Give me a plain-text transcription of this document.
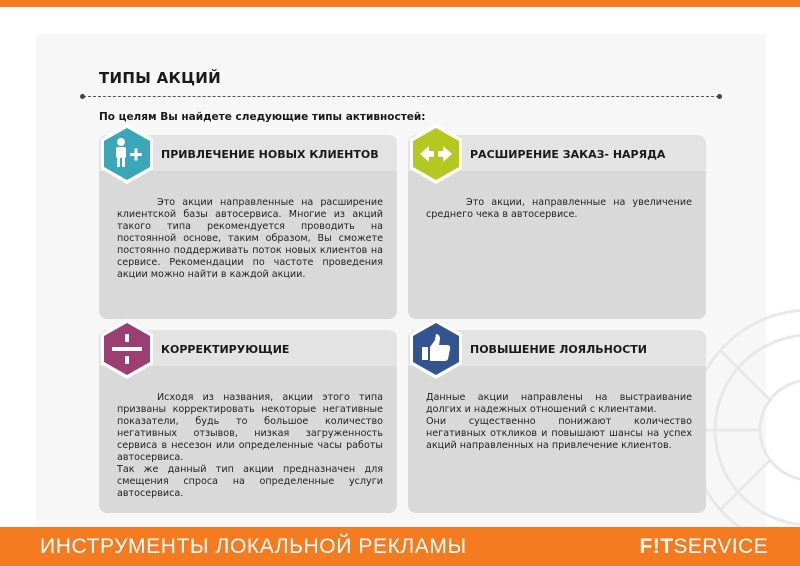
ТИПЫ АКЦИЙ
По целям Вы найдете следующие типы активностей:
ПРИВЛЕЧЕНИЕ НОВЫХ КЛИЕНТОВ

Это акции направленные на расширение клиентской базы автосервиса. Многие из акций такого типа рекомендуется проводить на постоянной основе, таким образом, Вы сможете постоянно поддерживать поток новых клиентов на сервисе. Рекомендации по частоте проведения акции можно найти в каждой акции.

РАСШИРЕНИЕ ЗАКАЗ- НАРЯДА

Это акции, направленные на увеличение среднего чека в автосервисе.

КОРРЕКТИРУЮЩИЕ

Исходя из названия, акции этого типа призваны корректировать некоторые негативные показатели, будь то большое количество негативных отзывов, низкая загруженность сервиса в несезон или определенные часы работы автосервиса.

Так же данный тип акции предназначен для смещения спроса на определенные услуги автосервиса.

ПОВЫШЕНИЕ ЛОЯЛЬНОСТИ

Данные акции направлены на выстраивание долгих и надежных отношений с клиентами.

Они существенно понижают количество негативных откликов и повышают шансы на успех акций направленных на привлечение клиентов.

ИНСТРУМЕНТЫ ЛОКАЛЬНОЙ РЕКЛАМЫ	F!TSERVICE
